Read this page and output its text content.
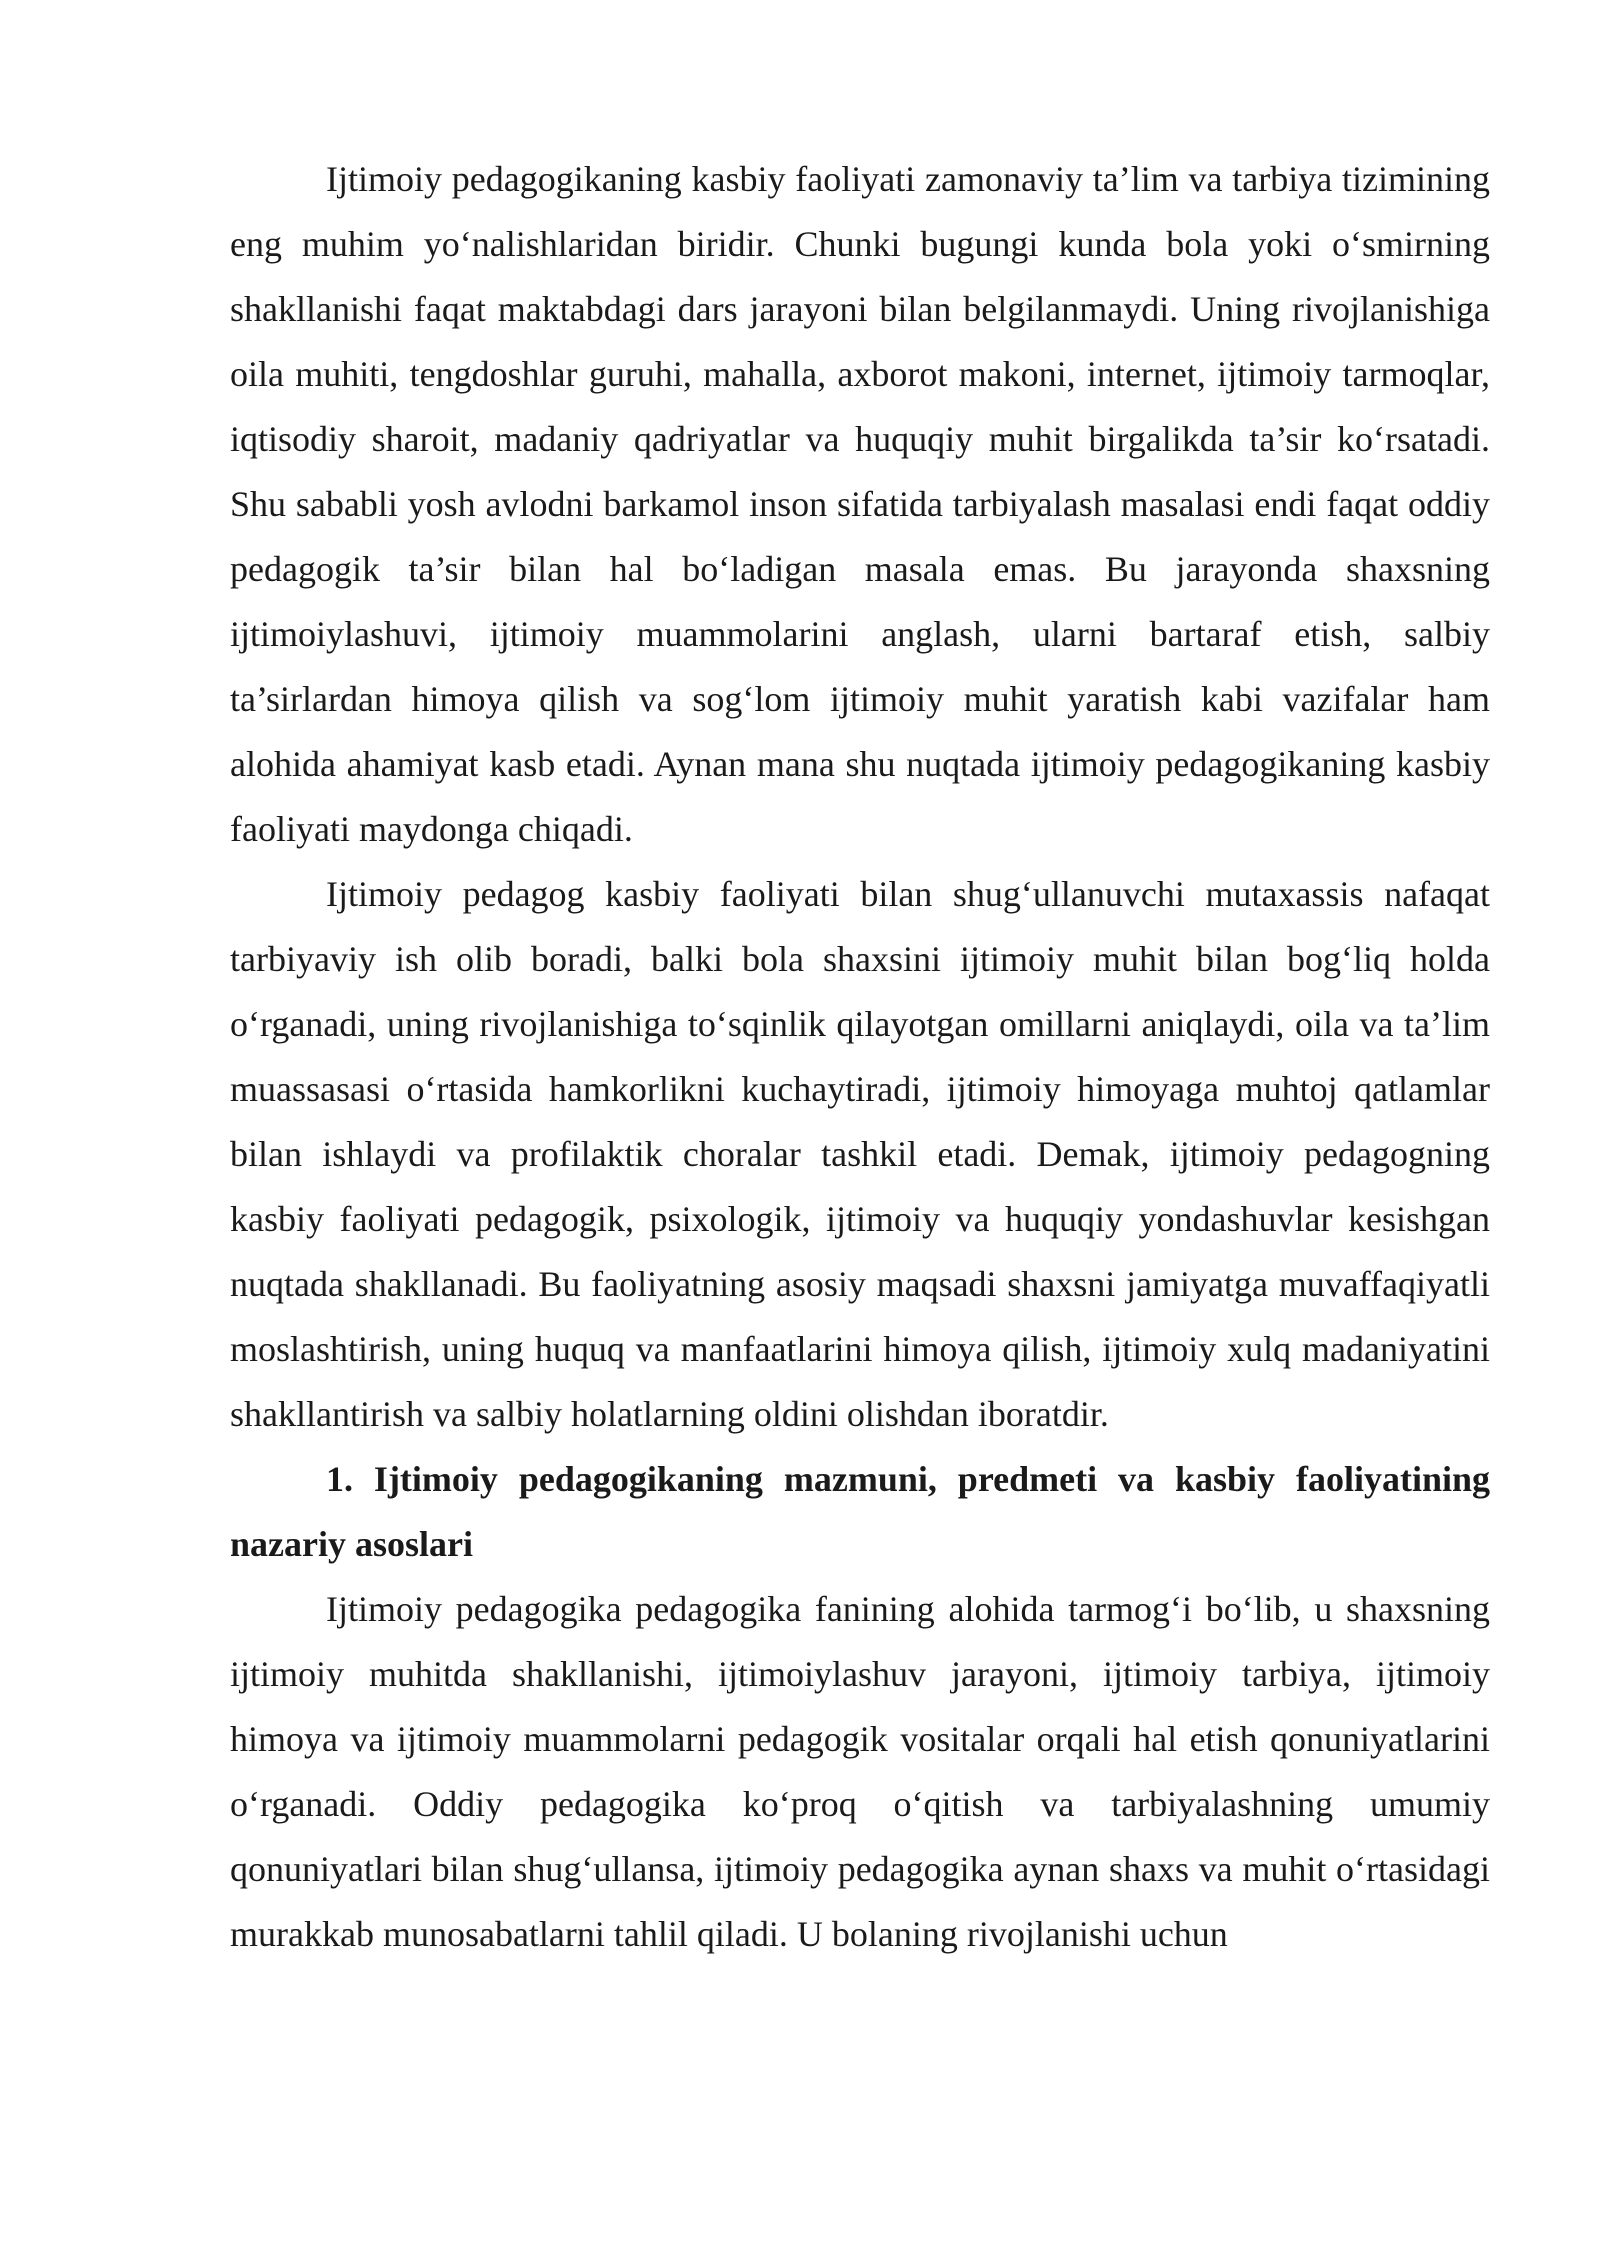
Ijtimoiy pedagogikaning kasbiy faoliyati zamonaviy ta’lim va tarbiya tizimining eng muhim yo‘nalishlaridan biridir. Chunki bugungi kunda bola yoki o‘smirning shakllanishi faqat maktabdagi dars jarayoni bilan belgilanmaydi. Uning rivojlanishiga oila muhiti, tengdoshlar guruhi, mahalla, axborot makoni, internet, ijtimoiy tarmoqlar, iqtisodiy sharoit, madaniy qadriyatlar va huquqiy muhit birgalikda ta’sir ko‘rsatadi. Shu sababli yosh avlodni barkamol inson sifatida tarbiyalash masalasi endi faqat oddiy pedagogik ta’sir bilan hal bo‘ladigan masala emas. Bu jarayonda shaxsning ijtimoiylashuvi, ijtimoiy muammolarini anglash, ularni bartaraf etish, salbiy ta’sirlardan himoya qilish va sog‘lom ijtimoiy muhit yaratish kabi vazifalar ham alohida ahamiyat kasb etadi. Aynan mana shu nuqtada ijtimoiy pedagogikaning kasbiy faoliyati maydonga chiqadi.

Ijtimoiy pedagog kasbiy faoliyati bilan shug‘ullanuvchi mutaxassis nafaqat tarbiyaviy ish olib boradi, balki bola shaxsini ijtimoiy muhit bilan bog‘liq holda o‘rganadi, uning rivojlanishiga to‘sqinlik qilayotgan omillarni aniqlaydi, oila va ta’lim muassasasi o‘rtasida hamkorlikni kuchaytiradi, ijtimoiy himoyaga muhtoj qatlamlar bilan ishlaydi va profilaktik choralar tashkil etadi. Demak, ijtimoiy pedagogning kasbiy faoliyati pedagogik, psixologik, ijtimoiy va huquqiy yondashuvlar kesishgan nuqtada shakllanadi. Bu faoliyatning asosiy maqsadi shaxsni jamiyatga muvaffaqiyatli moslashtirish, uning huquq va manfaatlarini himoya qilish, ijtimoiy xulq madaniyatini shakllantirish va salbiy holatlarning oldini olishdan iboratdir.

1. Ijtimoiy pedagogikaning mazmuni, predmeti va kasbiy faoliyatining nazariy asoslari

Ijtimoiy pedagogika pedagogika fanining alohida tarmog‘i bo‘lib, u shaxsning ijtimoiy muhitda shakllanishi, ijtimoiylashuv jarayoni, ijtimoiy tarbiya, ijtimoiy himoya va ijtimoiy muammolarni pedagogik vositalar orqali hal etish qonuniyatlarini o‘rganadi. Oddiy pedagogika ko‘proq o‘qitish va tarbiyalashning umumiy qonuniyatlari bilan shug‘ullansa, ijtimoiy pedagogika aynan shaxs va muhit o‘rtasidagi murakkab munosabatlarni tahlil qiladi. U bolaning rivojlanishi uchun
